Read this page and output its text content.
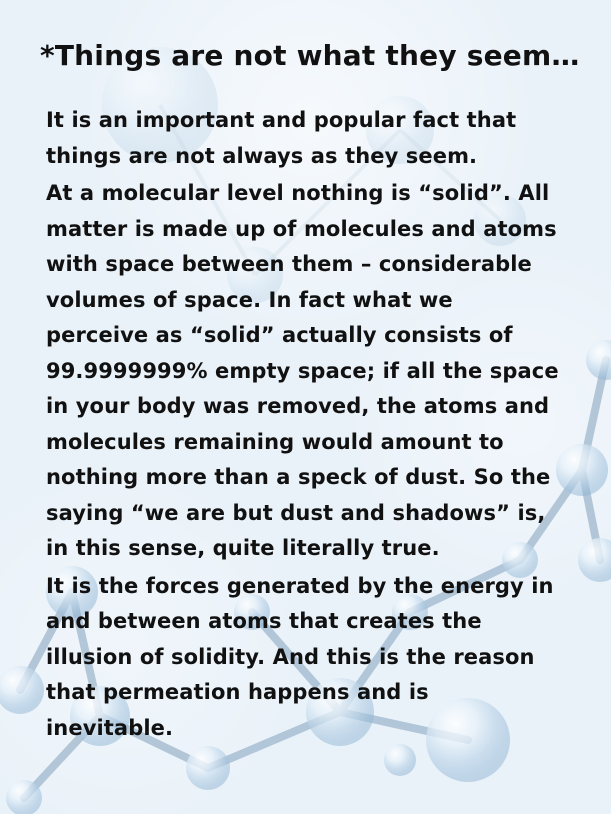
*Things are not what they seem…

It is an important and popular fact that
things are not always as they seem.

At a molecular level nothing is “solid”. All
matter is made up of molecules and atoms
with space between them – considerable
volumes of space. In fact what we
perceive as “solid” actually consists of
99.9999999% empty space; if all the space
in your body was removed, the atoms and
molecules remaining would amount to
nothing more than a speck of dust. So the
saying “we are but dust and shadows” is,
in this sense, quite literally true.

It is the forces generated by the energy in
and between atoms that creates the
illusion of solidity. And this is the reason
that permeation happens and is
inevitable.
